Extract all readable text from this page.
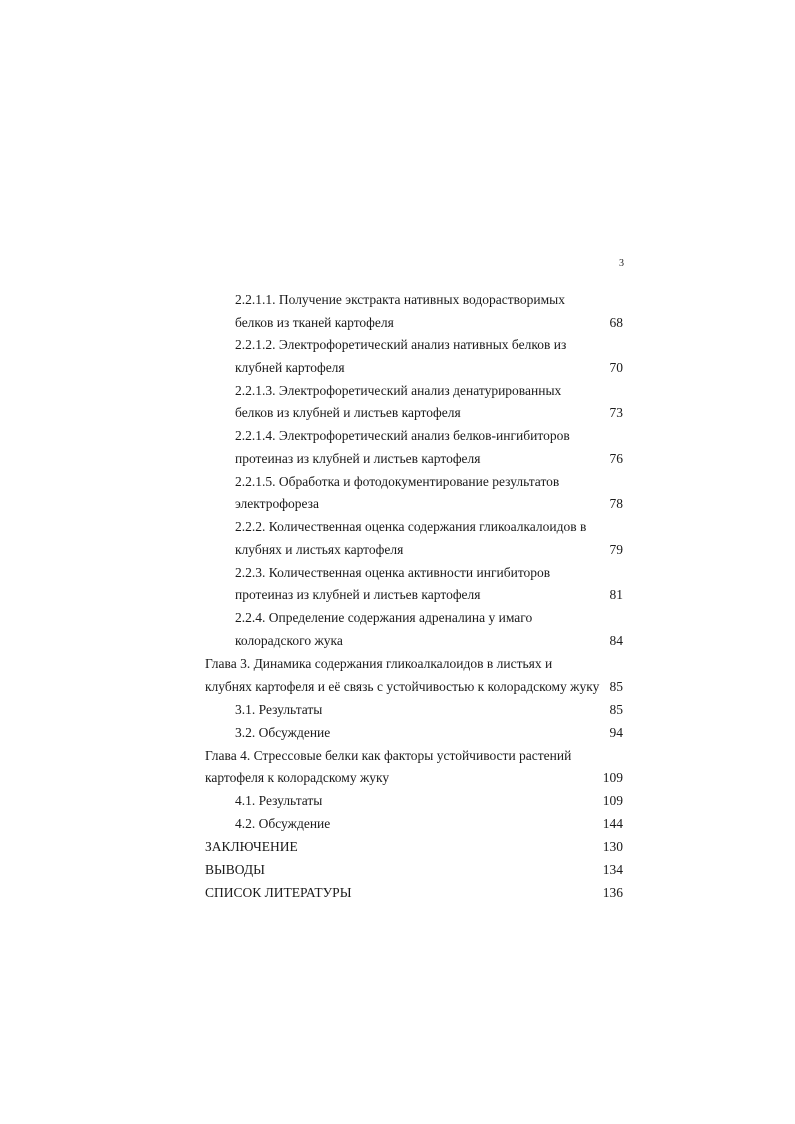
3
2.2.1.1. Получение экстракта нативных водорастворимых
белков из тканей картофеля	68
2.2.1.2. Электрофоретический анализ нативных белков из
клубней картофеля	70
2.2.1.3. Электрофоретический анализ денатурированных
белков из клубней и листьев картофеля	73
2.2.1.4. Электрофоретический анализ белков-ингибиторов
протеиназ из клубней и листьев картофеля	76
2.2.1.5. Обработка и фотодокументирование результатов
электрофореза	78
2.2.2. Количественная оценка содержания гликоалкалоидов в
клубнях и листьях картофеля	79
2.2.3. Количественная оценка активности ингибиторов
протеиназ из клубней и листьев картофеля	81
2.2.4. Определение содержания адреналина у имаго
колорадского жука	84
Глава 3. Динамика содержания гликоалкалоидов в листьях и
клубнях картофеля и её связь с устойчивостью к колорадскому жуку 85
3.1. Результаты	85
3.2. Обсуждение	94
Глава 4. Стрессовые белки как факторы устойчивости растений
картофеля к колорадскому жуку	109
4.1. Результаты	109
4.2. Обсуждение	144
ЗАКЛЮЧЕНИЕ	130
ВЫВОДЫ	134
СПИСОК ЛИТЕРАТУРЫ	136
